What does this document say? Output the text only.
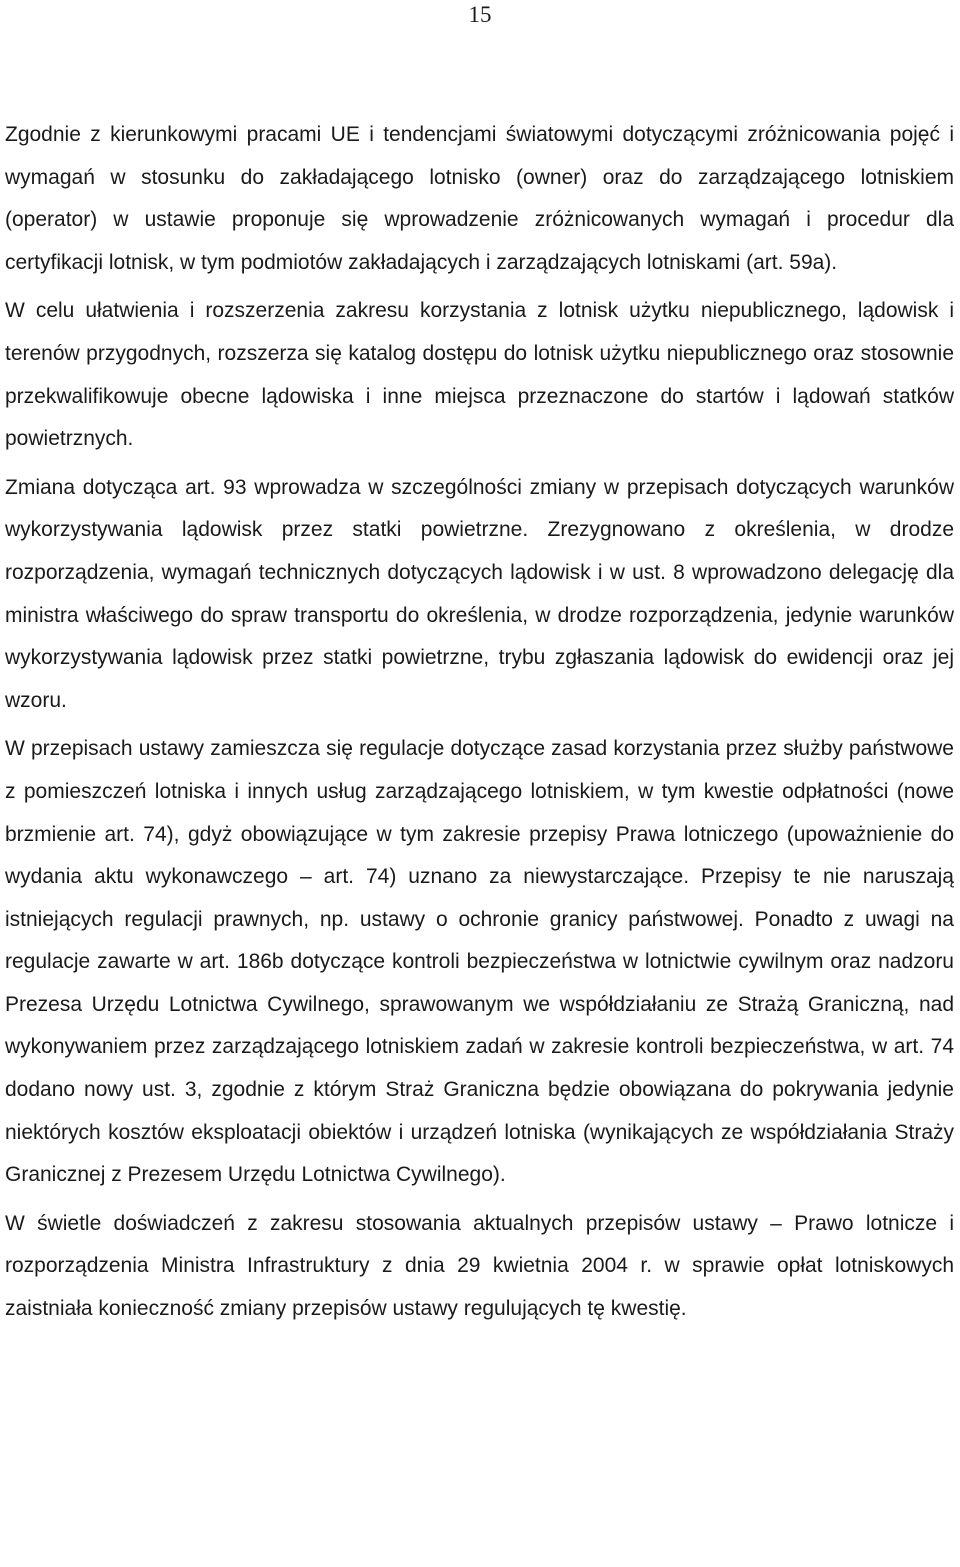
15

Zgodnie z kierunkowymi pracami UE i tendencjami światowymi dotyczącymi zróżnicowania pojęć i wymagań w stosunku do zakładającego lotnisko (owner) oraz do zarządzającego lotniskiem (operator) w ustawie proponuje się wprowadzenie zróżnicowanych wymagań i procedur dla certyfikacji lotnisk, w tym podmiotów zakładających i zarządzających lotniskami (art. 59a).

W celu ułatwienia i rozszerzenia zakresu korzystania z lotnisk użytku niepublicznego, lądowisk i terenów przygodnych, rozszerza się katalog dostępu do lotnisk użytku niepublicznego oraz stosownie przekwalifikowuje obecne lądowiska i inne miejsca przeznaczone do startów i lądowań statków powietrznych.

Zmiana dotycząca art. 93 wprowadza w szczególności zmiany w przepisach dotyczących warunków wykorzystywania lądowisk przez statki powietrzne. Zrezygnowano z określenia, w drodze rozporządzenia, wymagań technicznych dotyczących lądowisk i w ust. 8 wprowadzono delegację dla ministra właściwego do spraw transportu do określenia, w drodze rozporządzenia, jedynie warunków wykorzystywania lądowisk przez statki powietrzne, trybu zgłaszania lądowisk do ewidencji oraz jej wzoru.

W przepisach ustawy zamieszcza się regulacje dotyczące zasad korzystania przez służby państwowe z pomieszczeń lotniska i innych usług zarządzającego lotniskiem, w tym kwestie odpłatności (nowe brzmienie art. 74), gdyż obowiązujące w tym zakresie przepisy Prawa lotniczego (upoważnienie do wydania aktu wykonawczego – art. 74) uznano za niewystarczające. Przepisy te nie naruszają istniejących regulacji prawnych, np. ustawy o ochronie granicy państwowej. Ponadto z uwagi na regulacje zawarte w art. 186b dotyczące kontroli bezpieczeństwa w lotnictwie cywilnym oraz nadzoru Prezesa Urzędu Lotnictwa Cywilnego, sprawowanym we współdziałaniu ze Strażą Graniczną, nad wykonywaniem przez zarządzającego lotniskiem zadań w zakresie kontroli bezpieczeństwa, w art. 74 dodano nowy ust. 3, zgodnie z którym Straż Graniczna będzie obowiązana do pokrywania jedynie niektórych kosztów eksploatacji obiektów i urządzeń lotniska (wynikających ze współdziałania Straży Granicznej z Prezesem Urzędu Lotnictwa Cywilnego).

W świetle doświadczeń z zakresu stosowania aktualnych przepisów ustawy – Prawo lotnicze i rozporządzenia Ministra Infrastruktury z dnia 29 kwietnia 2004 r. w sprawie opłat lotniskowych zaistniała konieczność zmiany przepisów ustawy regulujących tę kwestię.
